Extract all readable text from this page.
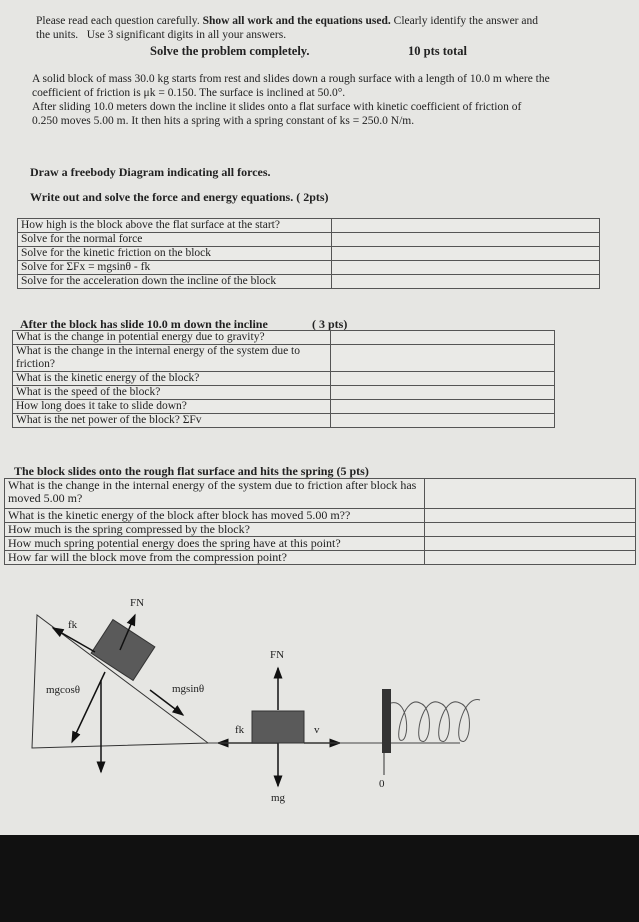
Please read each question carefully. Show all work and the equations used. Clearly identify the answer and
the units.   Use 3 significant digits in all your answers.
Solve the problem completely.	10 pts total
A solid block of mass 30.0 kg starts from rest and slides down a rough surface with a length of 10.0 m where the
coefficient of friction is μk = 0.150. The surface is inclined at 50.0°.
After sliding 10.0 meters down the incline it slides onto a flat surface with kinetic coefficient of friction of
0.250 moves 5.00 m. It then hits a spring with a spring constant of ks = 250.0 N/m.
Draw a freebody Diagram indicating all forces.
Write out and solve the force and energy equations. ( 2pts)
How high is the block above the flat surface at the start?	
Solve for the normal force	
Solve for the kinetic friction on the block	
Solve for ΣFx = mgsinθ - fk	
Solve for the acceleration down the incline of the block	
After the block has slide 10.0 m down the incline	( 3 pts)
What is the change in potential energy due to gravity?	
What is the change in the internal energy of the system due to friction?	
What is the kinetic energy of the block?	
What is the speed of the block?	
How long does it take to slide down?	
What is the net power of the block? ΣFv	
The block slides onto the rough flat surface and hits the spring (5 pts)
What is the change in the internal energy of the system due to friction after block has moved 5.00 m?	
What is the kinetic energy of the block after block has moved 5.00 m??	
How much is the spring compressed by the block?	
How much spring potential energy does the spring have at this point?	
How far will the block move from the compression point?	
FN
fk
mgcosθ	mgsinθ
FN
fk	v
mg
0
